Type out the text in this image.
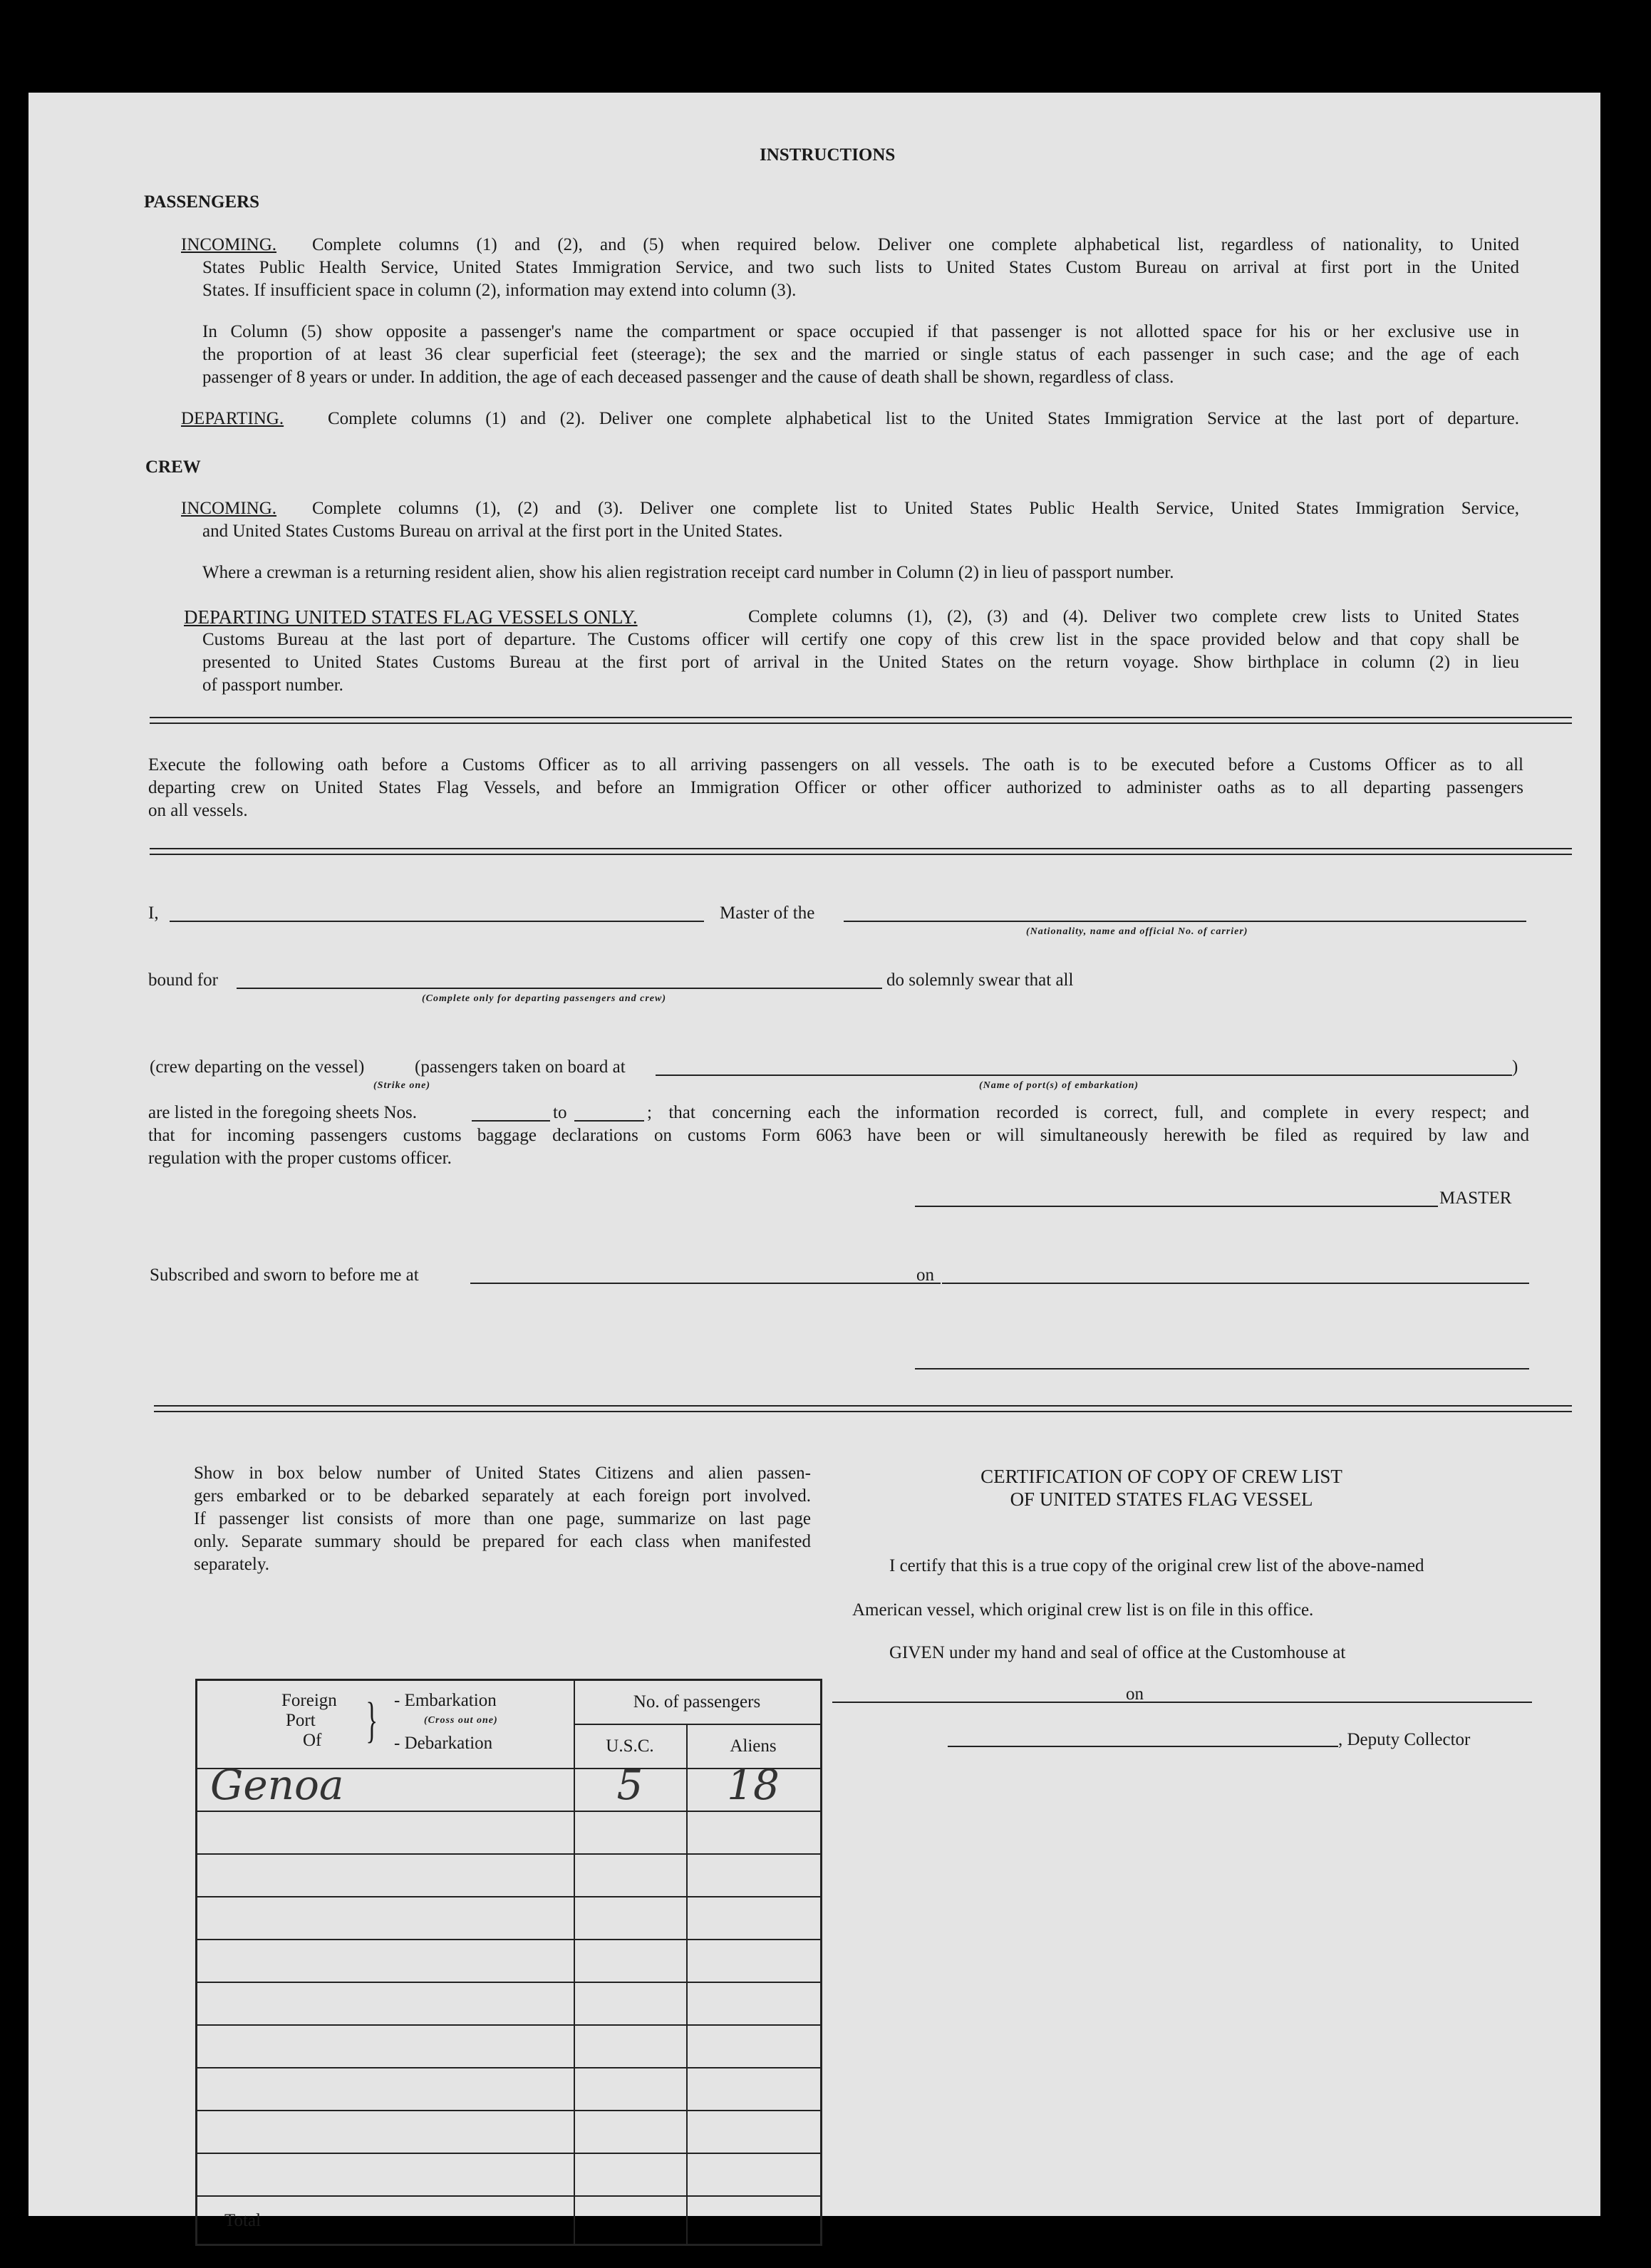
INSTRUCTIONS
PASSENGERS
INCOMING. Complete columns (1) and (2), and (5) when required below. Deliver one complete alphabetical list, regardless of nationality, to United
States Public Health Service, United States Immigration Service, and two such lists to United States Custom Bureau on arrival at first port in the United
States. If insufficient space in column (2), information may extend into column (3).
In Column (5) show opposite a passenger's name the compartment or space occupied if that passenger is not allotted space for his or her exclusive use in
the proportion of at least 36 clear superficial feet (steerage); the sex and the married or single status of each passenger in such case; and the age of each
passenger of 8 years or under. In addition, the age of each deceased passenger and the cause of death shall be shown, regardless of class.
DEPARTING. Complete columns (1) and (2). Deliver one complete alphabetical list to the United States Immigration Service at the last port of departure.
CREW
INCOMING. Complete columns (1), (2) and (3). Deliver one complete list to United States Public Health Service, United States Immigration Service,
and United States Customs Bureau on arrival at the first port in the United States.
Where a crewman is a returning resident alien, show his alien registration receipt card number in Column (2) in lieu of passport number.
DEPARTING UNITED STATES FLAG VESSELS ONLY.	Complete columns (1), (2), (3) and (4). Deliver two complete crew lists to United States
Customs Bureau at the last port of departure. The Customs officer will certify one copy of this crew list in the space provided below and that copy shall be
presented to United States Customs Bureau at the first port of arrival in the United States on the return voyage. Show birthplace in column (2) in lieu
of passport number.
Execute the following oath before a Customs Officer as to all arriving passengers on all vessels. The oath is to be executed before a Customs Officer as to all
departing crew on United States Flag Vessels, and before an Immigration Officer or other officer authorized to administer oaths as to all departing passengers
on all vessels.
I,	Master of the
(Nationality, name and official No. of carrier)
bound for	do solemnly swear that all
(Complete only for departing passengers and crew)
(crew departing on the vessel)	(passengers taken on board at	)
(Strike one)	(Name of port(s) of embarkation)
are listed in the foregoing sheets Nos.	to	; that concerning each the information recorded is correct, full, and complete in every respect; and
that for incoming passengers customs baggage declarations on customs Form 6063 have been or will simultaneously herewith be filed as required by law and
regulation with the proper customs officer.
MASTER
Subscribed and sworn to before me at	on
Show in box below number of United States Citizens and alien passen-
gers embarked or to be debarked separately at each foreign port involved.
If passenger list consists of more than one page, summarize on last page
only. Separate summary should be prepared for each class when manifested
separately.
Foreign
Port
Of } - Embarkation
(Cross out one)
- Debarkation
No. of passengers
U.S.C.	Aliens
Genoa	5	18
Total
CERTIFICATION OF COPY OF CREW LIST
OF UNITED STATES FLAG VESSEL
I certify that this is a true copy of the original crew list of the above-named
American vessel, which original crew list is on file in this office.
GIVEN under my hand and seal of office at the Customhouse at
on
, Deputy Collector
